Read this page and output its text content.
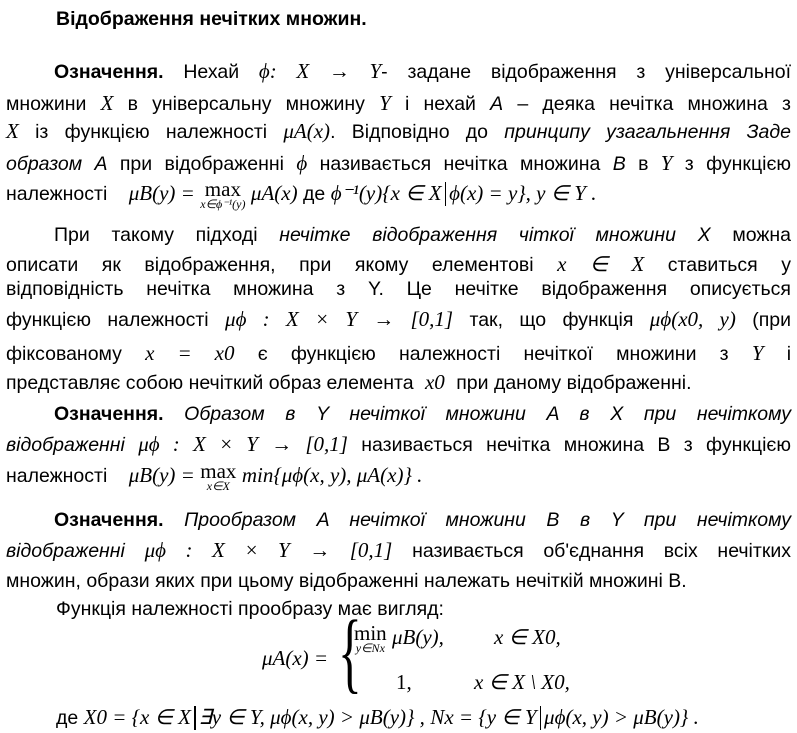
Відображення нечітких множин.
Означення. Нехай ϕ: X → Y- задане відображення з універсальної
множини X в універсальну множину Y і нехай A – деяка нечітка множина з
X із функцією належності μA(x). Відповідно до принципу узагальнення Заде
образом A при відображенні ϕ називається нечітка множина B в Y з функцією
належності μB(y) = max
x∈ϕ⁻¹(y) μA(x) де ϕ⁻¹(y){x ∈ X ϕ(x) = y}, y ∈ Y .
При такому підході нечітке відображення чіткої множини X можна
описати як відображення, при якому елементові x ∈ X ставиться у
відповідність нечітка множина з Y. Це нечітке відображення описується
функцією належності μϕ : X × Y → [0,1] так, що функція μϕ(x0, y) (при
фіксованому x = x0 є функцією належності нечіткої множини з Y і
представляє собою нечіткий образ елемента x0 при даному відображенні.
Означення. Образом в Y нечіткої множини A в X при нечіткому
відображенні μϕ : X × Y → [0,1] називається нечітка множина B з функцією
належності μB(y) = max
x∈X min{μϕ(x, y), μA(x)} .
Означення. Прообразом A нечіткої множини B в Y при нечіткому
відображенні μϕ : X × Y → [0,1] називається об'єднання всіх нечітких
множин, образи яких при цьому відображенні належать нечіткій множині B.
Функція належності прообразу має вигляд:
μA(x) = {
min
y∈Nx μB(y), x ∈ X0,
1,	x ∈ X \ X0,
де X0 = {x ∈ X ∃y ∈ Y, μϕ(x, y) > μB(y)} , Nx = {y ∈ Y μϕ(x, y) > μB(y)} .
